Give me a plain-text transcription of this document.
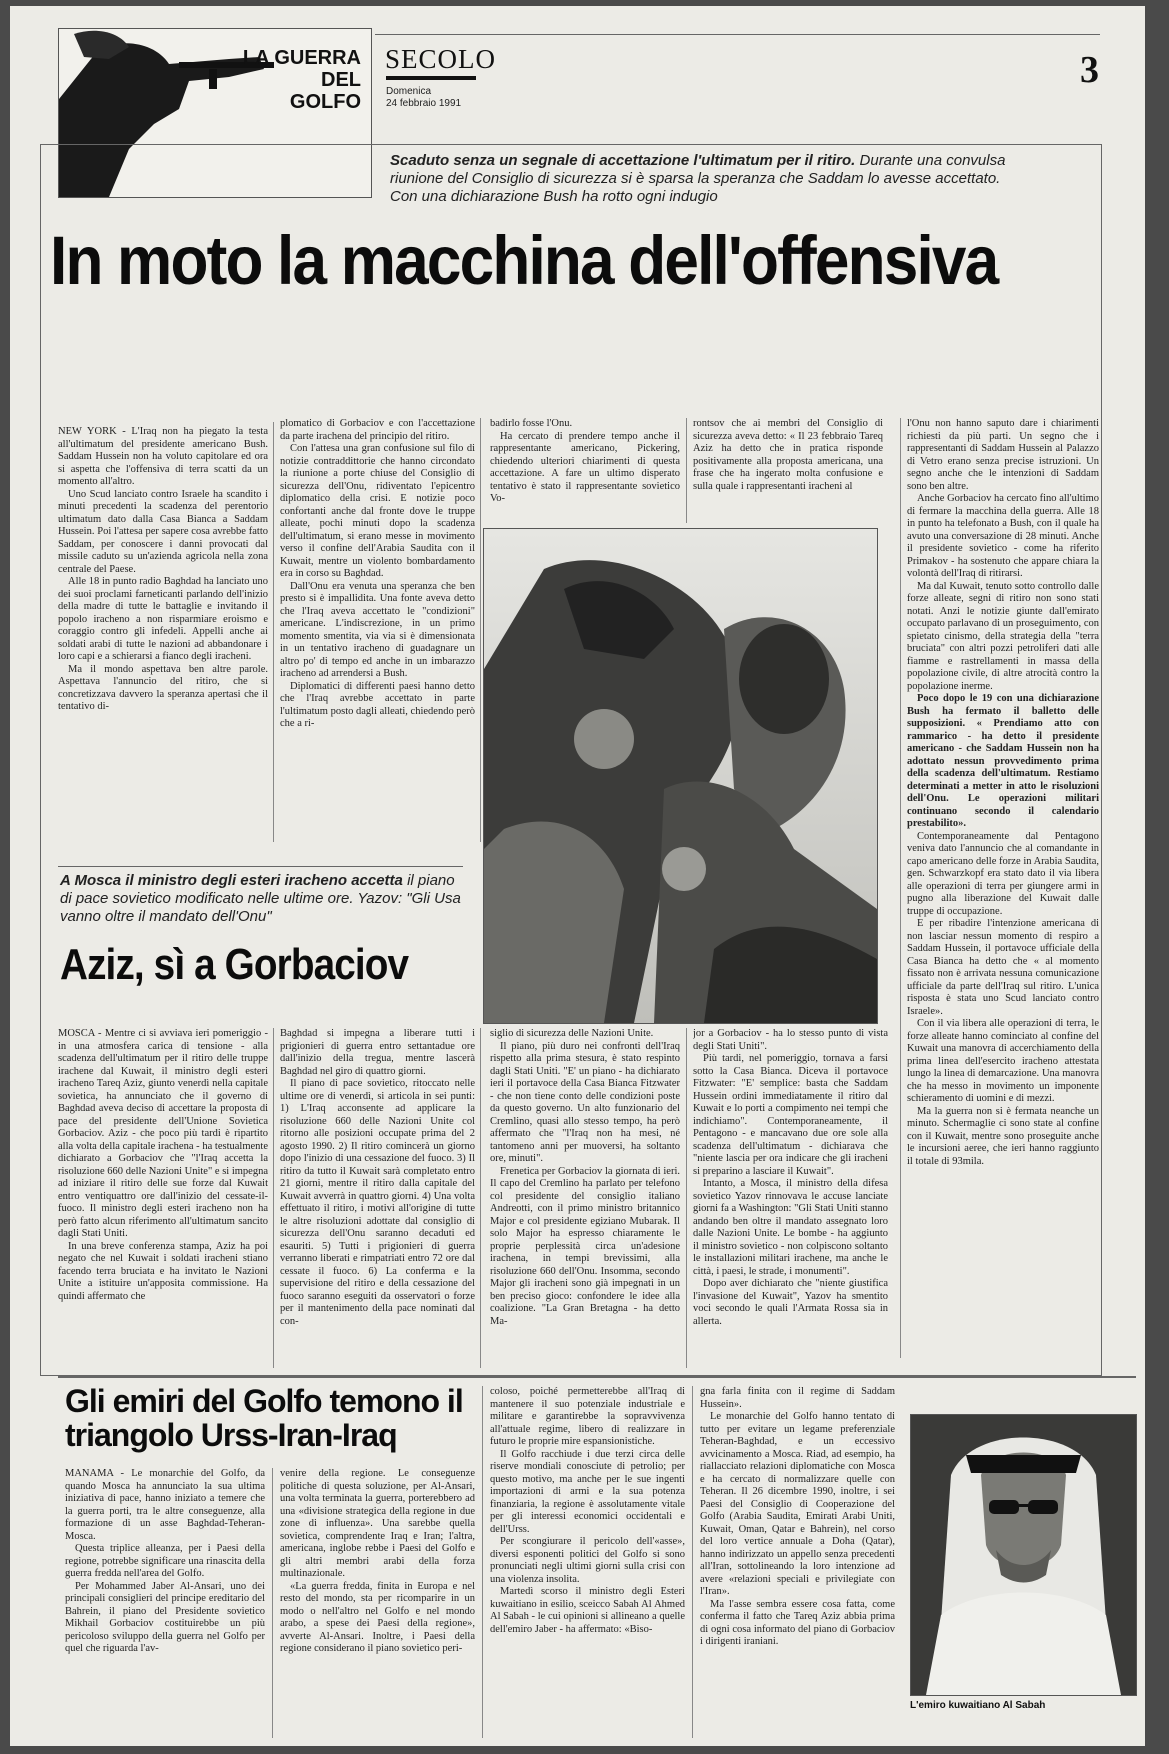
LA GUERRA
DEL
GOLFO
SECOLO
Domenica
24 febbraio 1991
3
Scaduto senza un segnale di accettazione l'ultimatum per il ritiro. Durante una convulsa riunione del Consiglio di sicurezza si è sparsa la speranza che Saddam lo avesse accettato. Con una dichiarazione Bush ha rotto ogni indugio
In moto la macchina dell'offensiva

NEW YORK - L'Iraq non ha piegato la testa all'ultimatum del presidente americano Bush. Saddam Hussein non ha voluto capitolare ed ora si aspetta che l'offensiva di terra scatti da un momento all'altro.

Uno Scud lanciato contro Israele ha scandito i minuti precedenti la scadenza del perentorio ultimatum dato dalla Casa Bianca a Saddam Hussein. Poi l'attesa per sapere cosa avrebbe fatto Saddam, per conoscere i danni provocati dal missile caduto su un'azienda agricola nella zona centrale del Paese.

Alle 18 in punto radio Baghdad ha lanciato uno dei suoi proclami farneticanti parlando dell'inizio della madre di tutte le battaglie e invitando il popolo iracheno a non risparmiare eroismo e coraggio contro gli infedeli. Appelli anche ai soldati arabi di tutte le nazioni ad abbandonare i loro capi e a schierarsi a fianco degli iracheni.

Ma il mondo aspettava ben altre parole. Aspettava l'annuncio del ritiro, che si concretizzava davvero la speranza apertasi che il tentativo di-

plomatico di Gorbaciov e con l'accettazione da parte irachena del principio del ritiro.

Con l'attesa una gran confusione sul filo di notizie contraddittorie che hanno circondato la riunione a porte chiuse del Consiglio di sicurezza dell'Onu, ridiventato l'epicentro diplomatico della crisi. E notizie poco confortanti anche dal fronte dove le truppe alleate, pochi minuti dopo la scadenza dell'ultimatum, si erano messe in movimento verso il confine dell'Arabia Saudita con il Kuwait, mentre un violento bombardamento era in corso su Baghdad.

Dall'Onu era venuta una speranza che ben presto si è impallidita. Una fonte aveva detto che l'Iraq aveva accettato le "condizioni" americane. L'indiscrezione, in un primo momento smentita, via via si è dimensionata in un tentativo iracheno di guadagnare un altro po' di tempo ed anche in un imbarazzo iracheno ad arrendersi a Bush.

Diplomatici di differenti paesi hanno detto che l'Iraq avrebbe accettato in parte l'ultimatum posto dagli alleati, chiedendo però che a ri-

badirlo fosse l'Onu.

Ha cercato di prendere tempo anche il rappresentante americano, Pickering, chiedendo ulteriori chiarimenti di questa accettazione. A fare un ultimo disperato tentativo è stato il rappresentante sovietico Vo-

rontsov che ai membri del Consiglio di sicurezza aveva detto: « Il 23 febbraio Tareq Aziz ha detto che in pratica risponde positivamente alla proposta americana, una frase che ha ingerato molta confusione e sulla quale i rappresentanti iracheni al

l'Onu non hanno saputo dare i chiarimenti richiesti da più parti. Un segno che i rappresentanti di Saddam Hussein al Palazzo di Vetro erano senza precise istruzioni. Un segno anche che le intenzioni di Saddam sono ben altre.

Anche Gorbaciov ha cercato fino all'ultimo di fermare la macchina della guerra. Alle 18 in punto ha telefonato a Bush, con il quale ha avuto una conversazione di 28 minuti. Anche il presidente sovietico - come ha riferito Primakov - ha sostenuto che appare chiara la volontà dell'Iraq di ritirarsi.

Ma dal Kuwait, tenuto sotto controllo dalle forze alleate, segni di ritiro non sono stati notati. Anzi le notizie giunte dall'emirato occupato parlavano di un proseguimento, con spietato cinismo, della strategia della "terra bruciata" con altri pozzi petroliferi dati alle fiamme e rastrellamenti in massa della popolazione civile, di altre atrocità contro la popolazione inerme.

Poco dopo le 19 con una dichiarazione Bush ha fermato il balletto delle supposizioni. « Prendiamo atto con rammarico - ha detto il presidente americano - che Saddam Hussein non ha adottato nessun provvedimento prima della scadenza dell'ultimatum. Restiamo determinati a metter in atto le risoluzioni dell'Onu. Le operazioni militari continuano secondo il calendario prestabilito».

Contemporaneamente dal Pentagono veniva dato l'annuncio che al comandante in capo americano delle forze in Arabia Saudita, gen. Schwarzkopf era stato dato il via libera alle operazioni di terra per giungere armi in pugno alla liberazione del Kuwait dalle truppe di occupazione.

E per ribadire l'intenzione americana di non lasciar nessun momento di respiro a Saddam Hussein, il portavoce ufficiale della Casa Bianca ha detto che « al momento fissato non è arrivata nessuna comunicazione ufficiale da parte dell'Iraq sul ritiro. L'unica risposta è stata uno Scud lanciato contro Israele».

Con il via libera alle operazioni di terra, le forze alleate hanno cominciato al confine del Kuwait una manovra di accerchiamento della prima linea dell'esercito iracheno attestata lungo la linea di demarcazione. Una manovra che ha messo in movimento un imponente schieramento di uomini e di mezzi.

Ma la guerra non si è fermata neanche un minuto. Schermaglie ci sono state al confine con il Kuwait, mentre sono proseguite anche le incursioni aeree, che ieri hanno raggiunto il totale di 93mila.

A Mosca il ministro degli esteri iracheno accetta il piano di pace sovietico modificato nelle ultime ore. Yazov: "Gli Usa vanno oltre il mandato dell'Onu"
Aziz, sì a Gorbaciov

MOSCA - Mentre ci si avviava ieri pomeriggio - in una atmosfera carica di tensione - alla scadenza dell'ultimatum per il ritiro delle truppe irachene dal Kuwait, il ministro degli esteri iracheno Tareq Aziz, giunto venerdì nella capitale sovietica, ha annunciato che il governo di Baghdad aveva deciso di accettare la proposta di pace del presidente dell'Unione Sovietica Gorbaciov. Aziz - che poco più tardi è ripartito alla volta della capitale irachena - ha testualmente dichiarato a Gorbaciov che "l'Iraq accetta la risoluzione 660 delle Nazioni Unite" e si impegna ad iniziare il ritiro delle sue forze dal Kuwait entro ventiquattro ore dall'inizio del cessate-il-fuoco. Il ministro degli esteri iracheno non ha però fatto alcun riferimento all'ultimatum sancito dagli Stati Uniti.

In una breve conferenza stampa, Aziz ha poi negato che nel Kuwait i soldati iracheni stiano facendo terra bruciata e ha invitato le Nazioni Unite a istituire un'apposita commissione. Ha quindi affermato che

Baghdad si impegna a liberare tutti i prigionieri di guerra entro settantadue ore dall'inizio della tregua, mentre lascerà Baghdad nel giro di quattro giorni.

Il piano di pace sovietico, ritoccato nelle ultime ore di venerdì, si articola in sei punti: 1) L'Iraq acconsente ad applicare la risoluzione 660 delle Nazioni Unite col ritorno alle posizioni occupate prima del 2 agosto 1990. 2) Il ritiro comincerà un giorno dopo l'inizio di una cessazione del fuoco. 3) Il ritiro da tutto il Kuwait sarà completato entro 21 giorni, mentre il ritiro dalla capitale del Kuwait avverrà in quattro giorni. 4) Una volta effettuato il ritiro, i motivi all'origine di tutte le altre risoluzioni adottate dal consiglio di sicurezza dell'Onu saranno decaduti ed esauriti. 5) Tutti i prigionieri di guerra verranno liberati e rimpatriati entro 72 ore dal cessate il fuoco. 6) La conferma e la supervisione del ritiro e della cessazione del fuoco saranno eseguiti da osservatori o forze per il mantenimento della pace nominati dal con-

siglio di sicurezza delle Nazioni Unite.

Il piano, più duro nei confronti dell'Iraq rispetto alla prima stesura, è stato respinto dagli Stati Uniti. "E' un piano - ha dichiarato ieri il portavoce della Casa Bianca Fitzwater - che non tiene conto delle condizioni poste da questo governo. Un alto funzionario del Cremlino, quasi allo stesso tempo, ha però affermato che "l'Iraq non ha mesi, né tantomeno anni per muoversi, ha soltanto ore, minuti".

Frenetica per Gorbaciov la giornata di ieri. Il capo del Cremlino ha parlato per telefono col presidente del consiglio italiano Andreotti, con il primo ministro britannico Major e col presidente egiziano Mubarak. Il solo Major ha espresso chiaramente le proprie perplessità circa un'adesione irachena, in tempi brevissimi, alla risoluzione 660 dell'Onu. Insomma, secondo Major gli iracheni sono già impegnati in un ben preciso gioco: confondere le idee alla coalizione. "La Gran Bretagna - ha detto Ma-

jor a Gorbaciov - ha lo stesso punto di vista degli Stati Uniti".

Più tardi, nel pomeriggio, tornava a farsi sotto la Casa Bianca. Diceva il portavoce Fitzwater: "E' semplice: basta che Saddam Hussein ordini immediatamente il ritiro dal Kuwait e lo porti a compimento nei tempi che indichiamo". Contemporaneamente, il Pentagono - e mancavano due ore sole alla scadenza dell'ultimatum - dichiarava che "niente lascia per ora indicare che gli iracheni si preparino a lasciare il Kuwait".

Intanto, a Mosca, il ministro della difesa sovietico Yazov rinnovava le accuse lanciate giorni fa a Washington: "Gli Stati Uniti stanno andando ben oltre il mandato assegnato loro dalle Nazioni Unite. Le bombe - ha aggiunto il ministro sovietico - non colpiscono soltanto le installazioni militari irachene, ma anche le città, i paesi, le strade, i monumenti".

Dopo aver dichiarato che "niente giustifica l'invasione del Kuwait", Yazov ha smentito voci secondo le quali l'Armata Rossa sia in allerta.

Gli emiri del Golfo temono il triangolo Urss-Iran-Iraq

MANAMA - Le monarchie del Golfo, da quando Mosca ha annunciato la sua ultima iniziativa di pace, hanno iniziato a temere che la guerra porti, tra le altre conseguenze, alla formazione di un asse Baghdad-Teheran-Mosca.

Questa triplice alleanza, per i Paesi della regione, potrebbe significare una rinascita della guerra fredda nell'area del Golfo.

Per Mohammed Jaber Al-Ansari, uno dei principali consiglieri del principe ereditario del Bahrein, il piano del Presidente sovietico Mikhail Gorbaciov costituirebbe un più pericoloso sviluppo della guerra nel Golfo per quel che riguarda l'av-

venire della regione. Le conseguenze politiche di questa soluzione, per Al-Ansari, una volta terminata la guerra, porterebbero ad una «divisione strategica della regione in due zone di influenza». Una sarebbe quella sovietica, comprendente Iraq e Iran; l'altra, americana, inglobe rebbe i Paesi del Golfo e gli altri membri arabi della forza multinazionale.

«La guerra fredda, finita in Europa e nel resto del mondo, sta per ricomparire in un modo o nell'altro nel Golfo e nel mondo arabo, a spese dei Paesi della regione», avverte Al-Ansari. Inoltre, i Paesi della regione considerano il piano sovietico peri-

coloso, poiché permetterebbe all'Iraq di mantenere il suo potenziale industriale e militare e garantirebbe la sopravvivenza all'attuale regime, libero di realizzare in futuro le proprie mire espansionistiche.

Il Golfo racchiude i due terzi circa delle riserve mondiali conosciute di petrolio; per questo motivo, ma anche per le sue ingenti importazioni di armi e la sua potenza finanziaria, la regione è assolutamente vitale per gli interessi economici occidentali e dell'Urss.

Per scongiurare il pericolo dell'«asse», diversi esponenti politici del Golfo si sono pronunciati negli ultimi giorni sulla crisi con una violenza insolita.

Martedì scorso il ministro degli Esteri kuwaitiano in esilio, sceicco Sabah Al Ahmed Al Sabah - le cui opinioni si allineano a quelle dell'emiro Jaber - ha affermato: «Biso-

gna farla finita con il regime di Saddam Hussein».

Le monarchie del Golfo hanno tentato di tutto per evitare un legame preferenziale Teheran-Baghdad, e un eccessivo avvicinamento a Mosca. Riad, ad esempio, ha riallacciato relazioni diplomatiche con Mosca e ha cercato di normalizzare quelle con Teheran. Il 26 dicembre 1990, inoltre, i sei Paesi del Consiglio di Cooperazione del Golfo (Arabia Saudita, Emirati Arabi Uniti, Kuwait, Oman, Qatar e Bahrein), nel corso del loro vertice annuale a Doha (Qatar), hanno indirizzato un appello senza precedenti all'Iran, sottolineando la loro intenzione ad avere «relazioni speciali e privilegiate con l'Iran».

Ma l'asse sembra essere cosa fatta, come conferma il fatto che Tareq Aziz abbia prima di ogni cosa informato del piano di Gorbaciov i dirigenti iraniani.

L'emiro kuwaitiano Al Sabah
